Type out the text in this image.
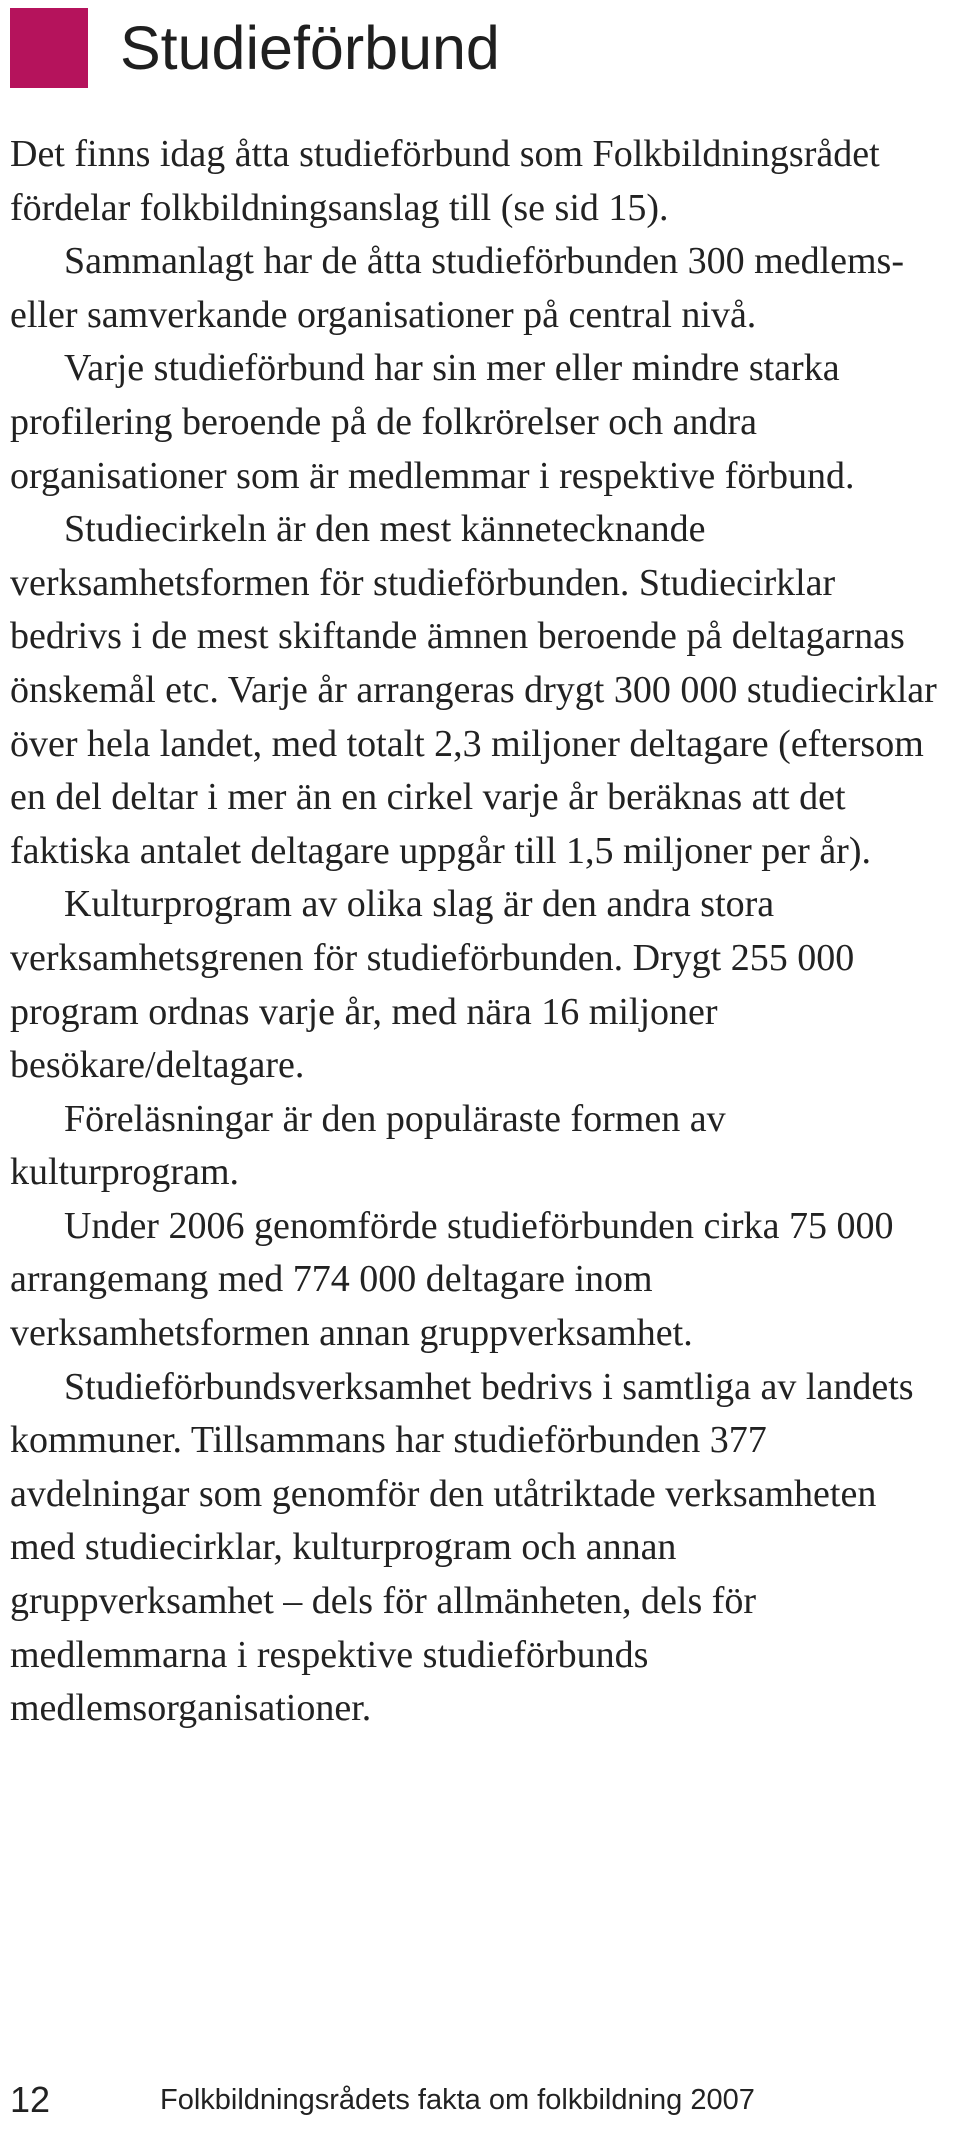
Studieförbund

Det finns idag åtta studieförbund som Folkbildningsrådet fördelar folkbildningsanslag till (se sid 15).

Sammanlagt har de åtta studieförbunden 300 medlems- eller samverkande organisationer på central nivå.

Varje studieförbund har sin mer eller mindre starka profilering beroende på de folkrörelser och andra organisationer som är medlemmar i respektive förbund.

Studiecirkeln är den mest kännetecknande verksamhetsformen för studieförbunden. Studiecirklar bedrivs i de mest skiftande ämnen beroende på deltagarnas önskemål etc. Varje år arrangeras drygt 300 000 studiecirklar över hela landet, med totalt 2,3 miljoner deltagare (eftersom en del deltar i mer än en cirkel varje år beräknas att det faktiska antalet deltagare uppgår till 1,5 miljoner per år).

Kulturprogram av olika slag är den andra stora verksamhetsgrenen för studieförbunden. Drygt 255 000 program ordnas varje år, med nära 16 miljoner besökare/deltagare.

Föreläsningar är den populäraste formen av kulturprogram.

Under 2006 genomförde studieförbunden cirka 75 000 arrangemang med 774 000 deltagare inom verksamhetsformen annan gruppverksamhet.

Studieförbundsverksamhet bedrivs i samtliga av landets kommuner. Tillsammans har studieförbunden 377 avdelningar som genomför den utåtriktade verksamheten med studiecirklar, kulturprogram och annan gruppverksamhet – dels för allmänheten, dels för medlemmarna i respektive studieförbunds medlemsorganisationer.

12	Folkbildningsrådets fakta om folkbildning 2007
